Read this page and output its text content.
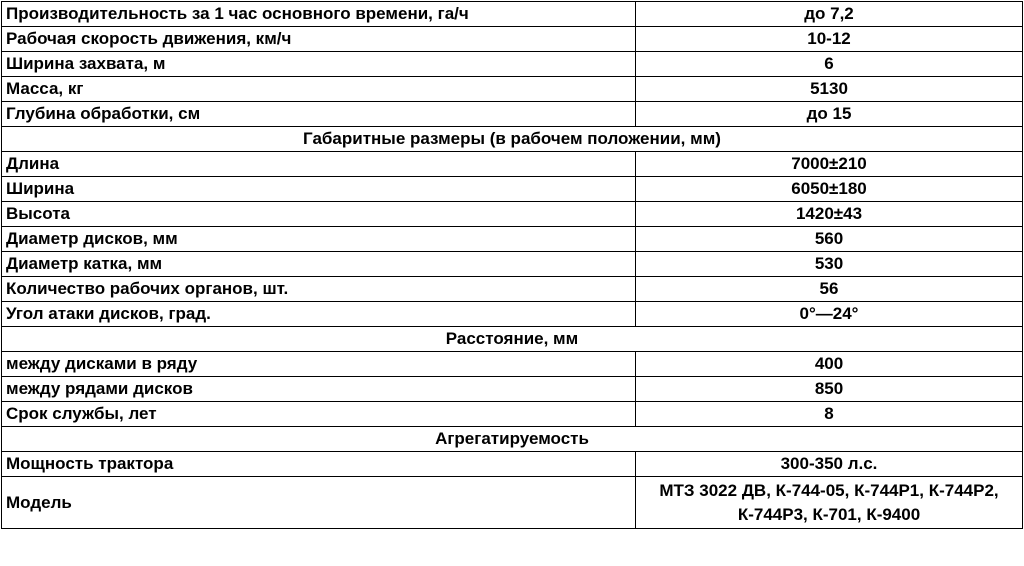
Производительность за 1 час основного времени, га/ч	до 7,2
Рабочая скорость движения, км/ч	10-12
Ширина захвата, м	6
Масса, кг	5130
Глубина обработки, см	до 15
Габаритные размеры (в рабочем положении, мм)	
Длина	7000±210
Ширина	6050±180
Высота	1420±43
Диаметр дисков, мм	560
Диаметр катка, мм	530
Количество рабочих органов, шт.	56
Угол атаки дисков, град.	0°—24°
Расстояние, мм	
между дисками в ряду	400
между рядами дисков	850
Срок службы, лет	8
Агрегатируемость	
Мощность трактора	300-350 л.с.
Модель	МТЗ 3022 ДВ, К-744-05, К-744Р1, К-744Р2, К-744Р3, К-701, К-9400
